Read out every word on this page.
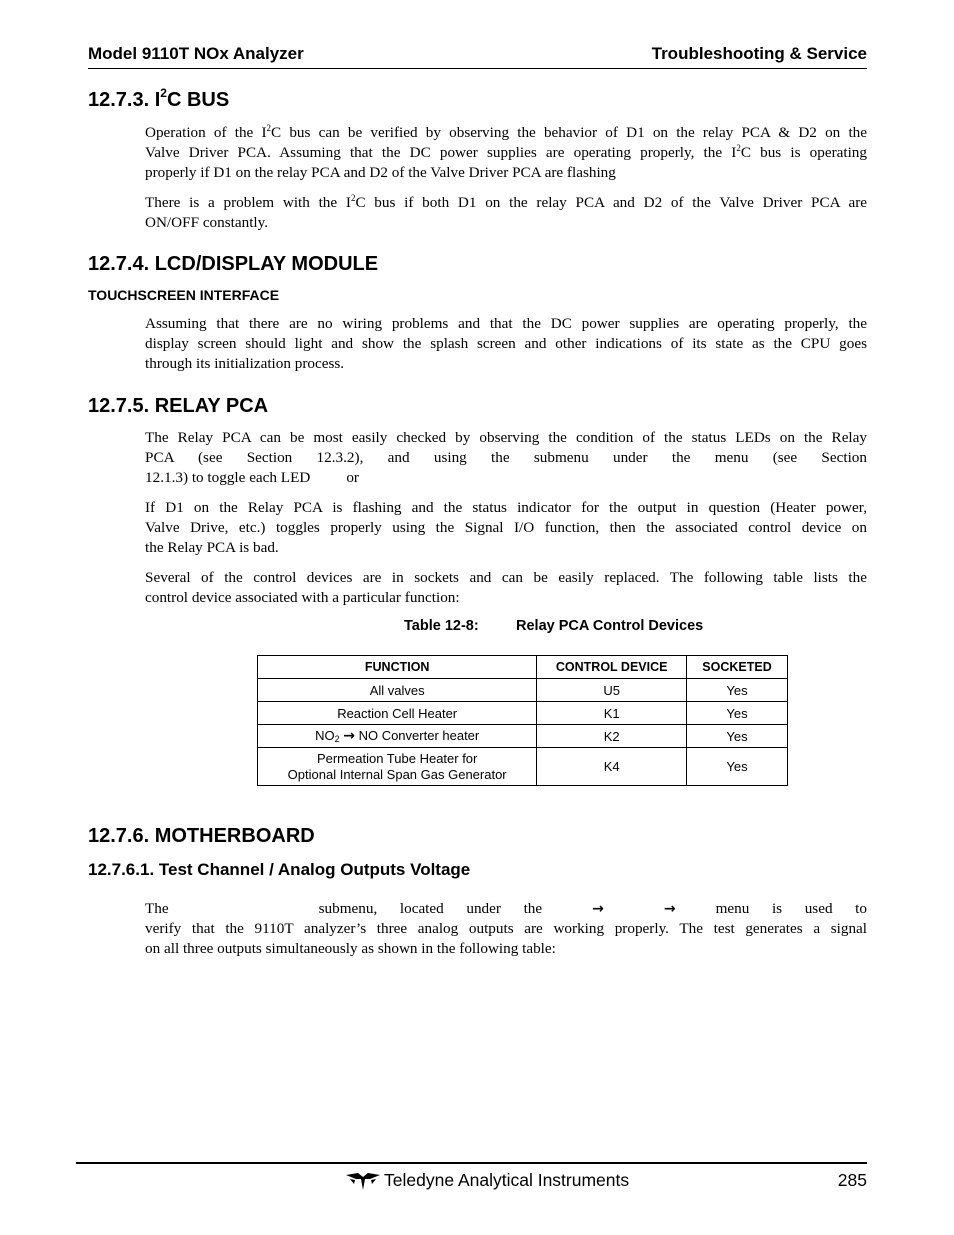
Model 9110T NOx Analyzer	Troubleshooting & Service
12.7.3. $I^2C$ BUS
Operation of the $I^2C$ bus can be verified by observing the behavior of D1 on the relay PCA & D2 on the
Valve Driver PCA. Assuming that the DC power supplies are operating properly, the $I^2C$ bus is operating
properly if D1 on the relay PCA and D2 of the Valve Driver PCA are flashing
There is a problem with the $I^2C$ bus if both D1 on the relay PCA and D2 of the Valve Driver PCA are
ON/OFF constantly.
12.7.4. LCD/DISPLAY MODULE
TOUCHSCREEN INTERFACE
Assuming that there are no wiring problems and that the DC power supplies are operating properly, the
display screen should light and show the splash screen and other indications of its state as the CPU goes
through its initialization process.
12.7.5. RELAY PCA
The Relay PCA can be most easily checked by observing the condition of the status LEDs on the Relay
PCA (see Section 12.3.2), and using the submenu under the menu (see Section
12.1.3) to toggle each LED or
If D1 on the Relay PCA is flashing and the status indicator for the output in question (Heater power,
Valve Drive, etc.) toggles properly using the Signal I/O function, then the associated control device on
the Relay PCA is bad.
Several of the control devices are in sockets and can be easily replaced. The following table lists the
control device associated with a particular function:
Table 12-8:	Relay PCA Control Devices
FUNCTION	CONTROL DEVICE	SOCKETED
All valves	U5	Yes
Reaction Cell Heater	K1	Yes
$NO_2$ → NO Converter heater	K2	Yes
Permeation Tube Heater for
Optional Internal Span Gas Generator	K4	Yes
12.7.6. MOTHERBOARD
12.7.6.1. Test Channel / Analog Outputs Voltage
The	submenu, located under the	→	→	menu is used to
verify that the 9110T analyzer’s three analog outputs are working properly. The test generates a signal
on all three outputs simultaneously as shown in the following table:
Teledyne Analytical Instruments	285
